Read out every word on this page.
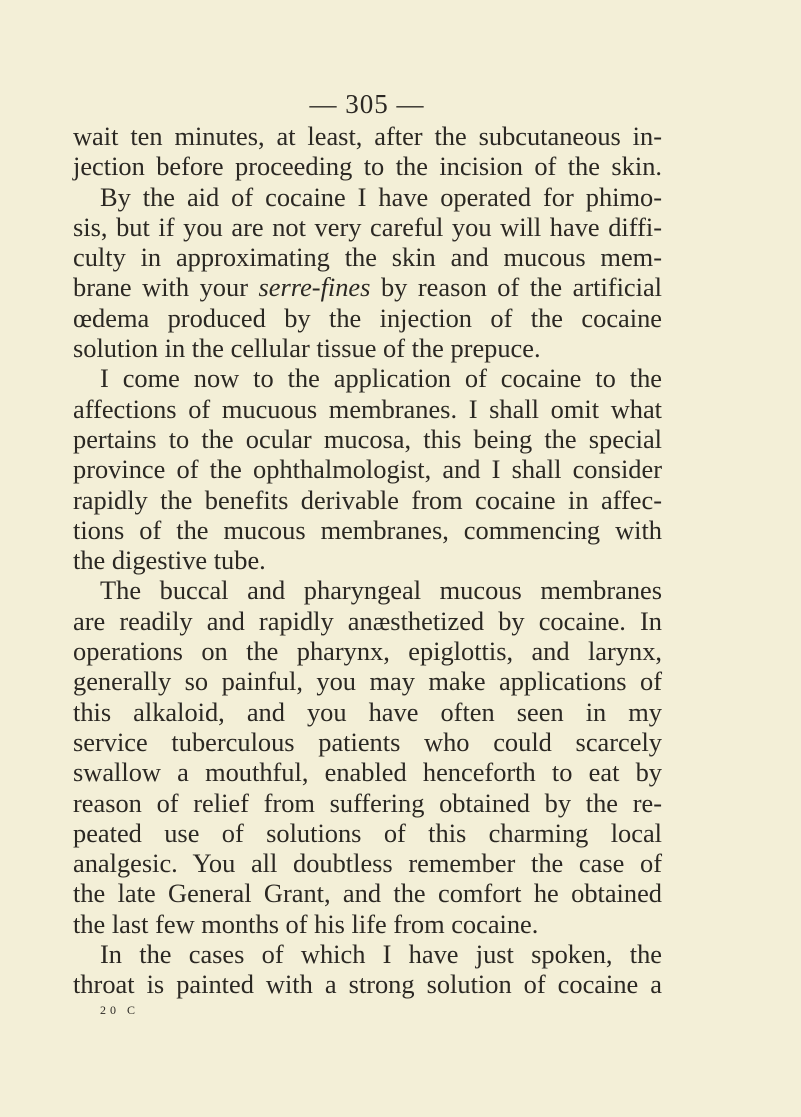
— 305 —
wait ten minutes, at least, after the subcutaneous in-
jection before proceeding to the incision of the skin.
By the aid of cocaine I have operated for phimo-
sis, but if you are not very careful you will have diffi-
culty in approximating the skin and mucous mem-
brane with your serre-fines by reason of the artificial
œdema produced by the injection of the cocaine
solution in the cellular tissue of the prepuce.
I come now to the application of cocaine to the
affections of mucuous membranes. I shall omit what
pertains to the ocular mucosa, this being the special
province of the ophthalmologist, and I shall consider
rapidly the benefits derivable from cocaine in affec-
tions of the mucous membranes, commencing with
the digestive tube.
The buccal and pharyngeal mucous membranes
are readily and rapidly anæsthetized by cocaine. In
operations on the pharynx, epiglottis, and larynx,
generally so painful, you may make applications of
this alkaloid, and you have often seen in my
service tuberculous patients who could scarcely
swallow a mouthful, enabled henceforth to eat by
reason of relief from suffering obtained by the re-
peated use of solutions of this charming local
analgesic. You all doubtless remember the case of
the late General Grant, and the comfort he obtained
the last few months of his life from cocaine.
In the cases of which I have just spoken, the
throat is painted with a strong solution of cocaine a
20 C
